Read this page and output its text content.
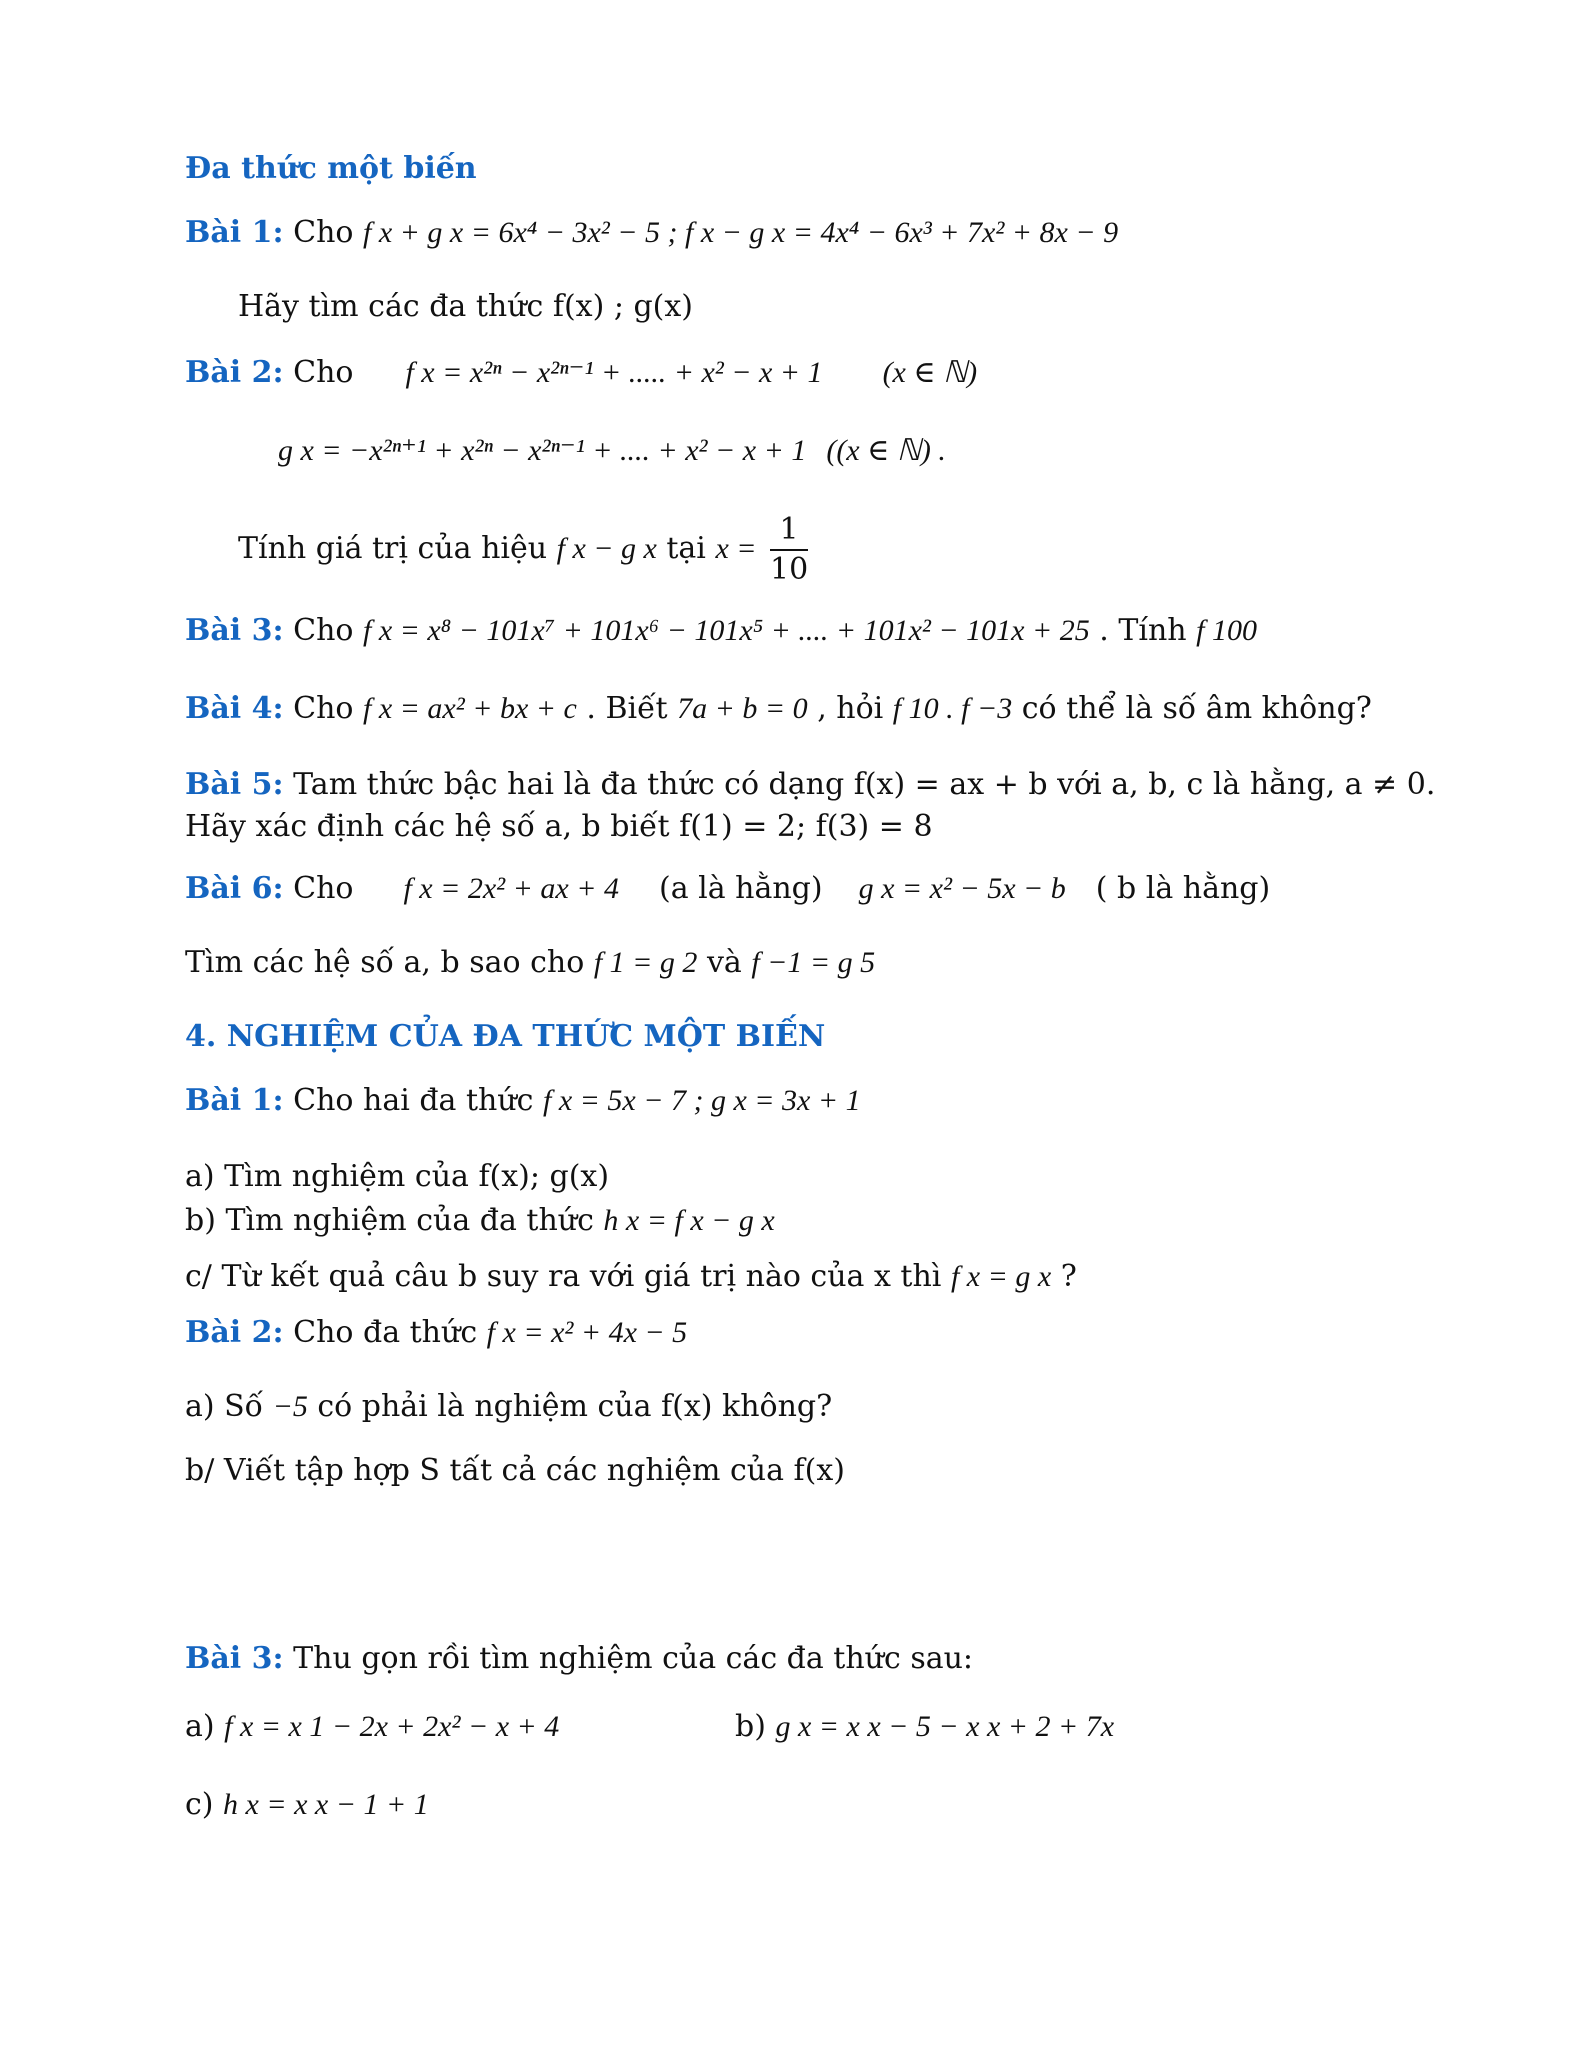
Đa thức một biến
Bài 1: Cho f x + g x = 6x⁴ − 3x² − 5 ; f x − g x = 4x⁴ − 6x³ + 7x² + 8x − 9
Hãy tìm các đa thức f(x) ; g(x)
Bài 2: Cho f x = x²ⁿ − x²ⁿ⁻¹ + ..... + x² − x + 1 (x ∈ ℕ)
g x = −x²ⁿ⁺¹ + x²ⁿ − x²ⁿ⁻¹ + .... + x² − x + 1 ((x ∈ ℕ) .
Tính giá trị của hiệu f x − g x tại $x = \frac{1}{10}$
Bài 3: Cho f x = x⁸ − 101x⁷ + 101x⁶ − 101x⁵ + .... + 101x² − 101x + 25 . Tính f 100
Bài 4: Cho f x = ax² + bx + c . Biết 7a + b = 0 , hỏi f 10 . f −3 có thể là số âm không?
Bài 5: Tam thức bậc hai là đa thức có dạng f(x) = ax + b với a, b, c là hằng, a ≠ 0. Hãy xác định các hệ số a, b biết f(1) = 2; f(3) = 8
Bài 6: Cho f x = 2x² + ax + 4 (a là hằng) g x = x² − 5x − b ( b là hằng)
Tìm các hệ số a, b sao cho f 1 = g 2 và f −1 = g 5
4. NGHIỆM CỦA ĐA THỨC MỘT BIẾN
Bài 1: Cho hai đa thức f x = 5x − 7 ; g x = 3x + 1
a) Tìm nghiệm của f(x); g(x)
b) Tìm nghiệm của đa thức h x = f x − g x
c/ Từ kết quả câu b suy ra với giá trị nào của x thì f x = g x ?
Bài 2: Cho đa thức f x = x² + 4x − 5
a) Số −5 có phải là nghiệm của f(x) không?
b/ Viết tập hợp S tất cả các nghiệm của f(x)
Bài 3: Thu gọn rồi tìm nghiệm của các đa thức sau:
a) f x = x 1 − 2x + 2x² − x + 4	b) g x = x x − 5 − x x + 2 + 7x
c) h x = x x − 1 + 1
